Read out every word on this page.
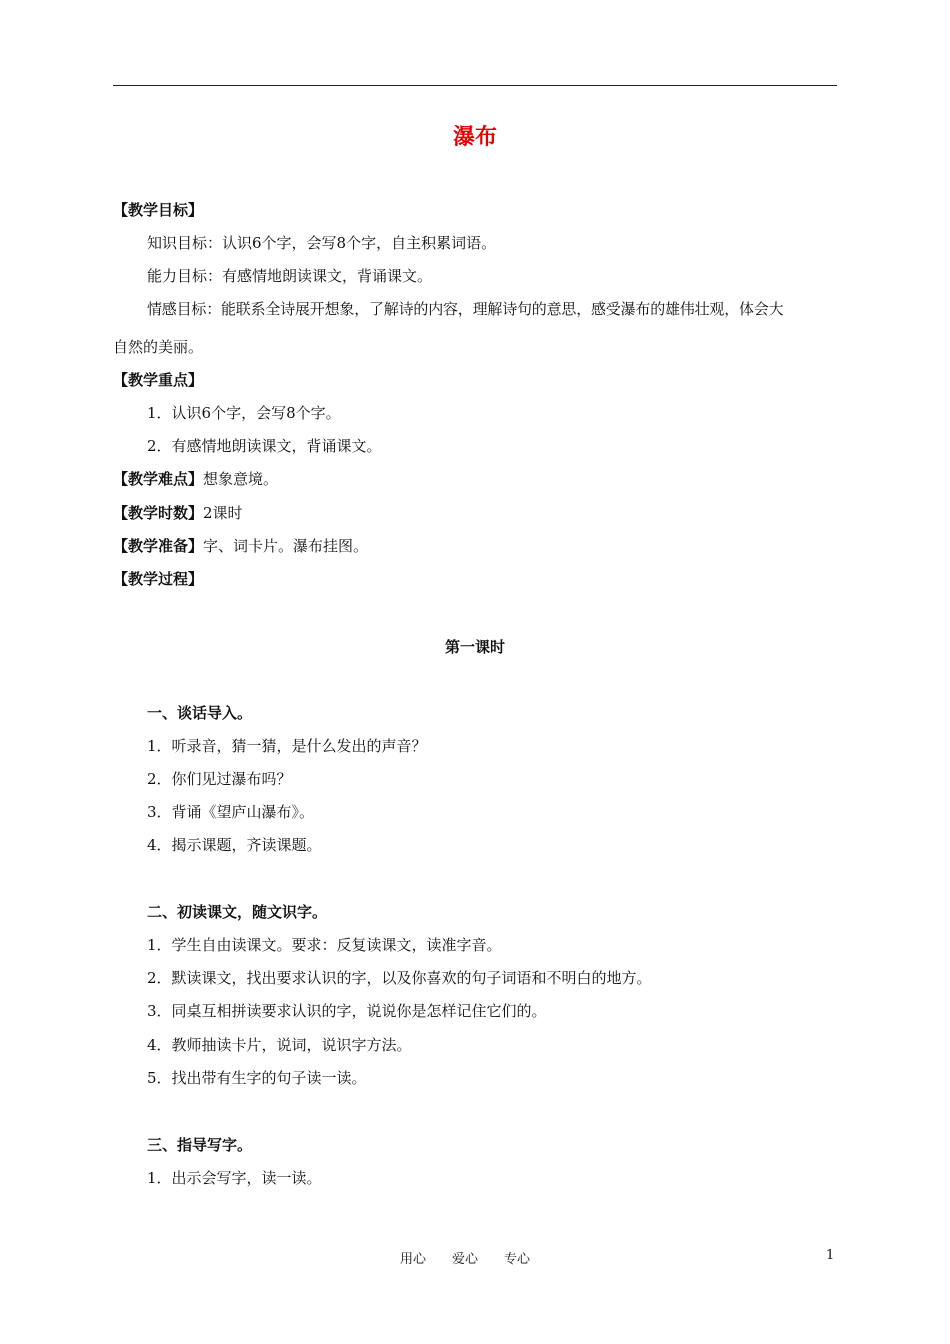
瀑布
【教学目标】
知识目标：认识6个字，会写8个字，自主积累词语。
能力目标：有感情地朗读课文，背诵课文。
情感目标：能联系全诗展开想象，了解诗的内容，理解诗句的意思，感受瀑布的雄伟壮观，体会大
自然的美丽。
【教学重点】
1．认识6个字，会写8个字。
2．有感情地朗读课文，背诵课文。
【教学难点】想象意境。
【教学时数】2课时
【教学准备】字、词卡片。瀑布挂图。
【教学过程】
第一课时
一、谈话导入。
1．听录音，猜一猜，是什么发出的声音？
2．你们见过瀑布吗？
3．背诵《望庐山瀑布》。
4．揭示课题，齐读课题。
二、初读课文，随文识字。
1．学生自由读课文。要求：反复读课文，读准字音。
2．默读课文，找出要求认识的字，以及你喜欢的句子词语和不明白的地方。
3．同桌互相拼读要求认识的字，说说你是怎样记住它们的。
4．教师抽读卡片，说词，说识字方法。
5．找出带有生字的句子读一读。
三、指导写字。
1．出示会写字，读一读。
用心　　爱心　　专心	1
